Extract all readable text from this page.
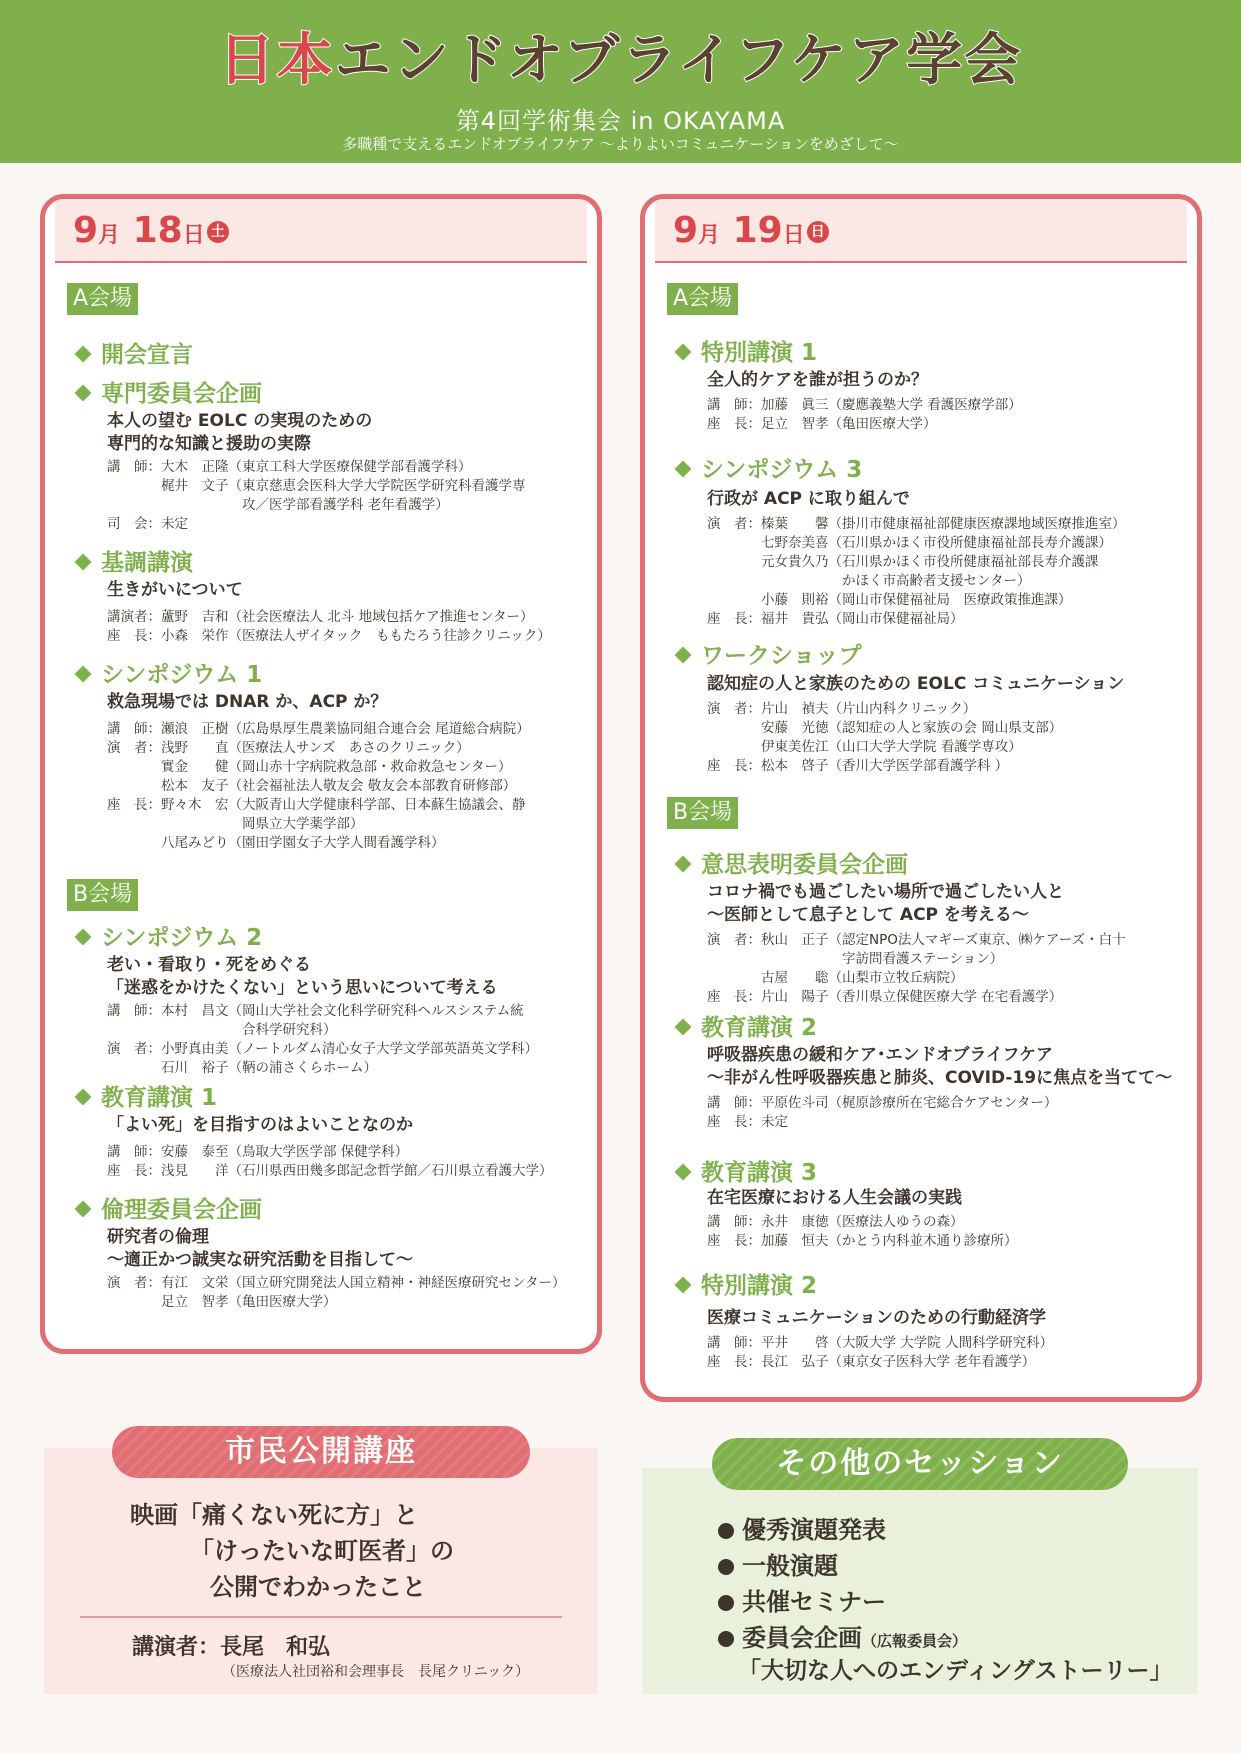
日本エンドオブライフケア学会
第4回学術集会 in OKAYAMA
多職種で支えるエンドオブライフケア ～よりよいコミュニケーションをめざして～
9月 18日 土
A会場
開会宣言
専門委員会企画
本人の望む EOLC の実現のための
専門的な知識と援助の実際
講　師：大木　正隆（東京工科大学医療保健学部看護学科）
　　　　梶井　文子（東京慈恵会医科大学大学院医学研究科看護学専
　　　　　　　　　　攻／医学部看護学科 老年看護学）
司　会：未定
基調講演
生きがいについて
講演者：蘆野　吉和（社会医療法人 北斗 地域包括ケア推進センター）
座　長：小森　栄作（医療法人ザイタック　ももたろう往診クリニック）
シンポジウム 1
救急現場では DNAR か、ACP か？
講　師：瀬浪　正樹（広島県厚生農業協同組合連合会 尾道総合病院）
演　者：浅野　　直（医療法人サンズ　あさのクリニック）
　　　　實金　　健（岡山赤十字病院救急部・救命救急センター）
　　　　松本　友子（社会福祉法人敬友会 敬友会本部教育研修部）
座　長：野々木　宏（大阪青山大学健康科学部、日本蘇生協議会、静
　　　　　　　　　　岡県立大学薬学部）
　　　　八尾みどり（園田学園女子大学人間看護学科）
B会場
シンポジウム 2
老い・看取り・死をめぐる
「迷惑をかけたくない」という思いについて考える
講　師：本村　昌文（岡山大学社会文化科学研究科ヘルスシステム統
　　　　　　　　　　合科学研究科）
演　者：小野真由美（ノートルダム清心女子大学文学部英語英文学科）
　　　　石川　裕子（鞆の浦さくらホーム）
教育講演 1
「よい死」を目指すのはよいことなのか
講　師：安藤　泰至（鳥取大学医学部 保健学科）
座　長：浅見　　洋（石川県西田幾多郎記念哲学館／石川県立看護大学）
倫理委員会企画
研究者の倫理
～適正かつ誠実な研究活動を目指して～
演　者：有江　文栄（国立研究開発法人国立精神・神経医療研究センター）
　　　　足立　智孝（亀田医療大学）
9月 19日 日
A会場
特別講演 1
全人的ケアを誰が担うのか？
講　師：加藤　眞三（慶應義塾大学 看護医療学部）
座　長：足立　智孝（亀田医療大学）
シンポジウム 3
行政が ACP に取り組んで
演　者：榛葉　　馨（掛川市健康福祉部健康医療課地域医療推進室）
　　　　七野奈美喜（石川県かほく市役所健康福祉部長寿介護課）
　　　　元女貴久乃（石川県かほく市役所健康福祉部長寿介護課
　　　　　　　　　　かほく市高齢者支援センター）
　　　　小藤　則裕（岡山市保健福祉局　医療政策推進課）
座　長：福井　貴弘（岡山市保健福祉局）
ワークショップ
認知症の人と家族のための EOLC コミュニケーション
演　者：片山　禎夫（片山内科クリニック）
　　　　安藤　光徳（認知症の人と家族の会 岡山県支部）
　　　　伊東美佐江（山口大学大学院 看護学専攻）
座　長：松本　啓子（香川大学医学部看護学科 ）
B会場
意思表明委員会企画
コロナ禍でも過ごしたい場所で過ごしたい人と
～医師として息子として ACP を考える～
演　者：秋山　正子（認定NPO法人マギーズ東京、㈱ケアーズ・白十
　　　　　　　　　　字訪問看護ステーション）
　　　　古屋　　聡（山梨市立牧丘病院）
座　長：片山　陽子（香川県立保健医療大学 在宅看護学）
教育講演 2
呼吸器疾患の緩和ケア･エンドオブライフケア
～非がん性呼吸器疾患と肺炎、COVID-19に焦点を当てて～
講　師：平原佐斗司（梶原診療所在宅総合ケアセンター）
座　長：未定
教育講演 3
在宅医療における人生会議の実践
講　師：永井　康徳（医療法人ゆうの森）
座　長：加藤　恒夫（かとう内科並木通り診療所）
特別講演 2
医療コミュニケーションのための行動経済学
講　師：平井　　啓（大阪大学 大学院 人間科学研究科）
座　長：長江　弘子（東京女子医科大学 老年看護学）
市民公開講座
映画「痛くない死に方」と
「けったいな町医者」の
公開でわかったこと
講演者：長尾　和弘
（医療法人社団裕和会理事長　長尾クリニック）
その他のセッション
優秀演題発表
一般演題
共催セミナー
委員会企画（広報委員会）
「大切な人へのエンディングストーリー」
